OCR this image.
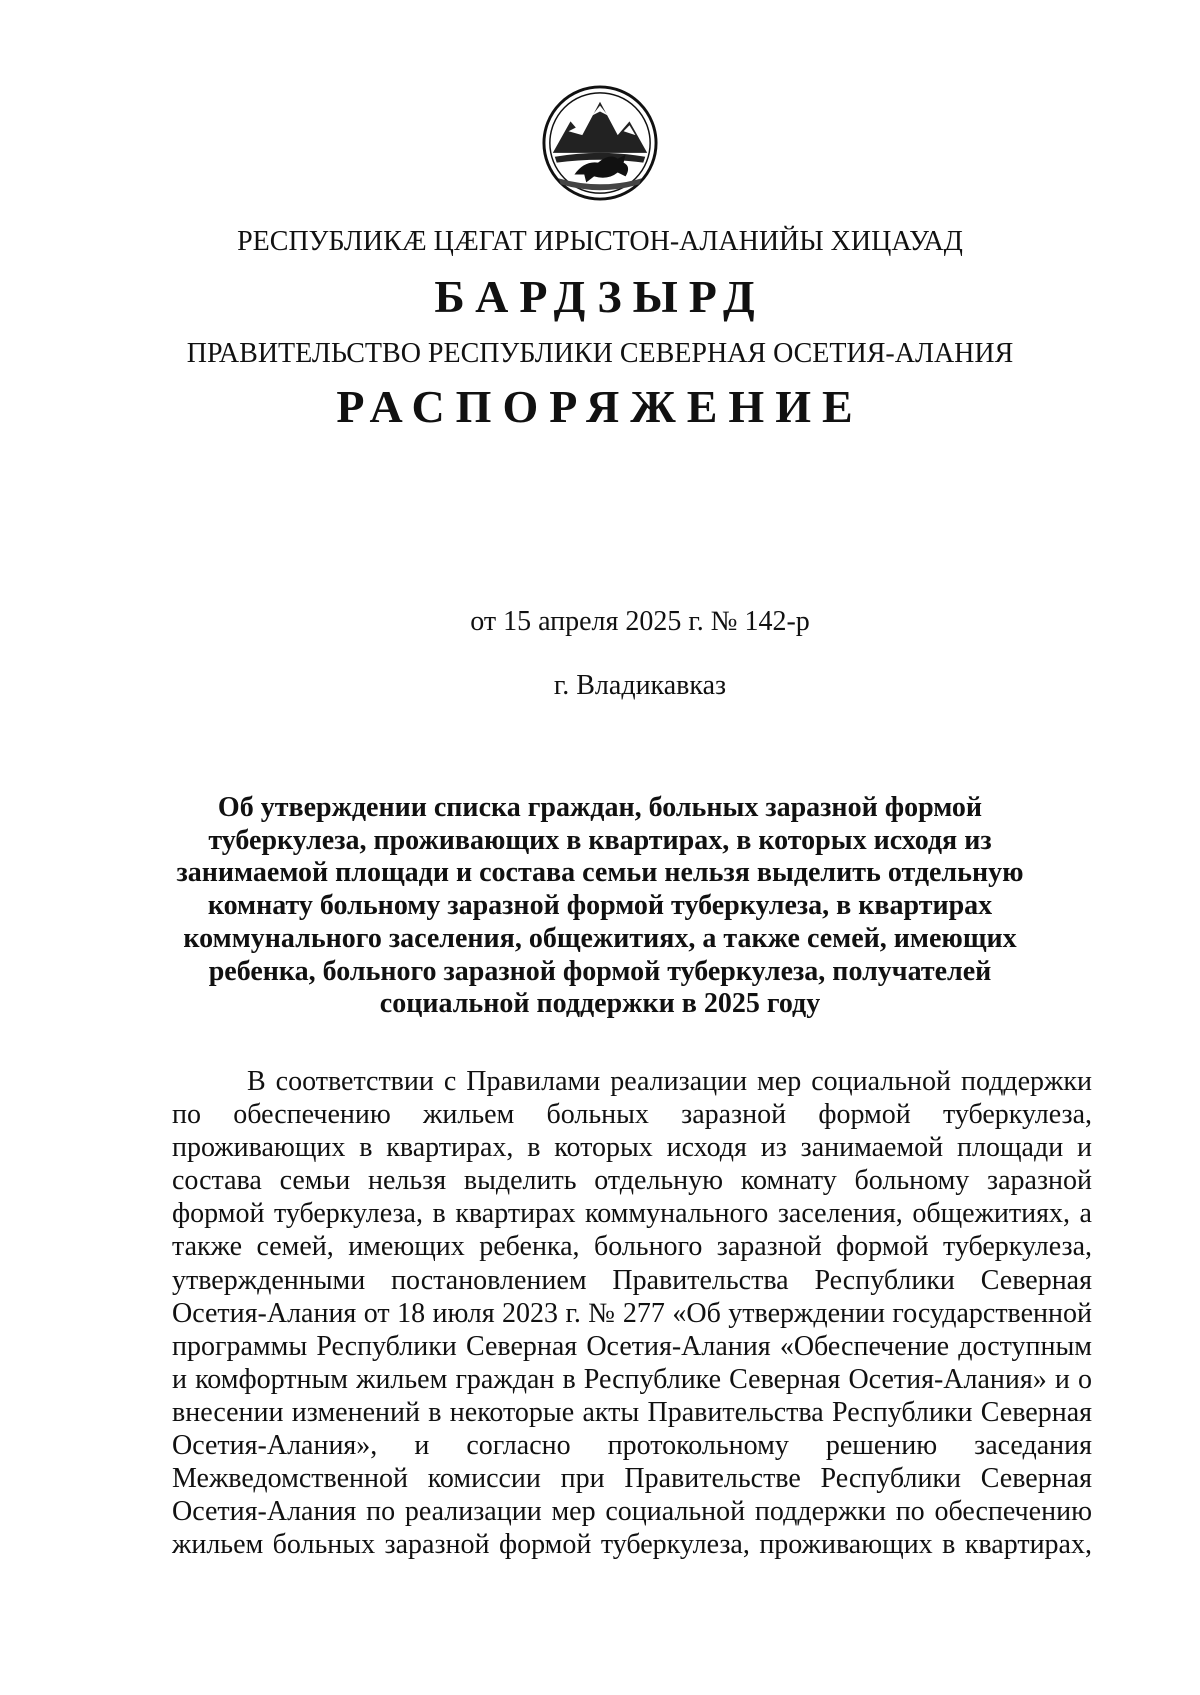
РЕСПУБЛИКӔ ЦӔГАТ ИРЫСТОН-АЛАНИЙЫ ХИЦАУАД
БАРДЗЫРД
ПРАВИТЕЛЬСТВО РЕСПУБЛИКИ СЕВЕРНАЯ ОСЕТИЯ-АЛАНИЯ
РАСПОРЯЖЕНИЕ
от 15 апреля 2025 г. № 142-р
г. Владикавказ
Об утверждении списка граждан, больных заразной формой
туберкулеза, проживающих в квартирах, в которых исходя из
занимаемой площади и состава семьи нельзя выделить отдельную
комнату больному заразной формой туберкулеза, в квартирах
коммунального заселения, общежитиях, а также семей, имеющих
ребенка, больного заразной формой туберкулеза, получателей
социальной поддержки в 2025 году
В соответствии с Правилами реализации мер социальной поддержки
по обеспечению жильем больных заразной формой туберкулеза,
проживающих в квартирах, в которых исходя из занимаемой площади и
состава семьи нельзя выделить отдельную комнату больному заразной
формой туберкулеза, в квартирах коммунального заселения, общежитиях, а
также семей, имеющих ребенка, больного заразной формой туберкулеза,
утвержденными постановлением Правительства Республики Северная
Осетия-Алания от 18 июля 2023 г. № 277 «Об утверждении государственной
программы Республики Северная Осетия-Алания «Обеспечение доступным
и комфортным жильем граждан в Республике Северная Осетия-Алания» и о
внесении изменений в некоторые акты Правительства Республики Северная
Осетия-Алания», и согласно протокольному решению заседания
Межведомственной комиссии при Правительстве Республики Северная
Осетия-Алания по реализации мер социальной поддержки по обеспечению
жильем больных заразной формой туберкулеза, проживающих в квартирах,
